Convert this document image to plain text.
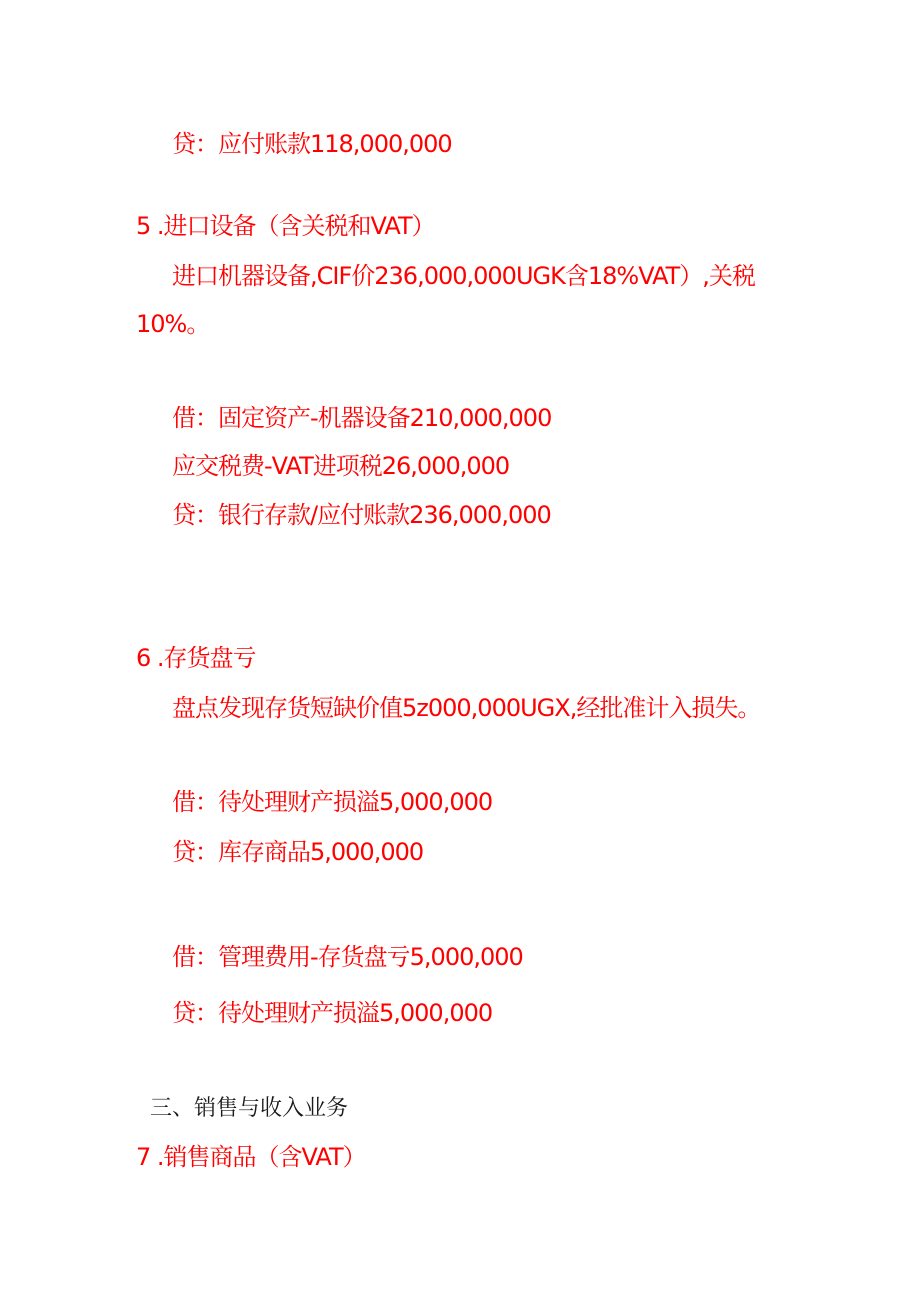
贷：应付账款118,000,000
5 .进口设备（含关税和VAT）
进口机器设备,CIF价236,000,000UGK含18%VAT）,关税
10%。
借：固定资产-机器设备210,000,000
应交税费-VAT进项税26,000,000
贷：银行存款/应付账款236,000,000
6 .存货盘亏
盘点发现存货短缺价值5z000,000UGX,经批准计入损失。
借：待处理财产损溢5,000,000
贷：库存商品5,000,000
借：管理费用-存货盘亏5,000,000
贷：待处理财产损溢5,000,000
三、销售与收入业务
7 .销售商品（含VAT）
